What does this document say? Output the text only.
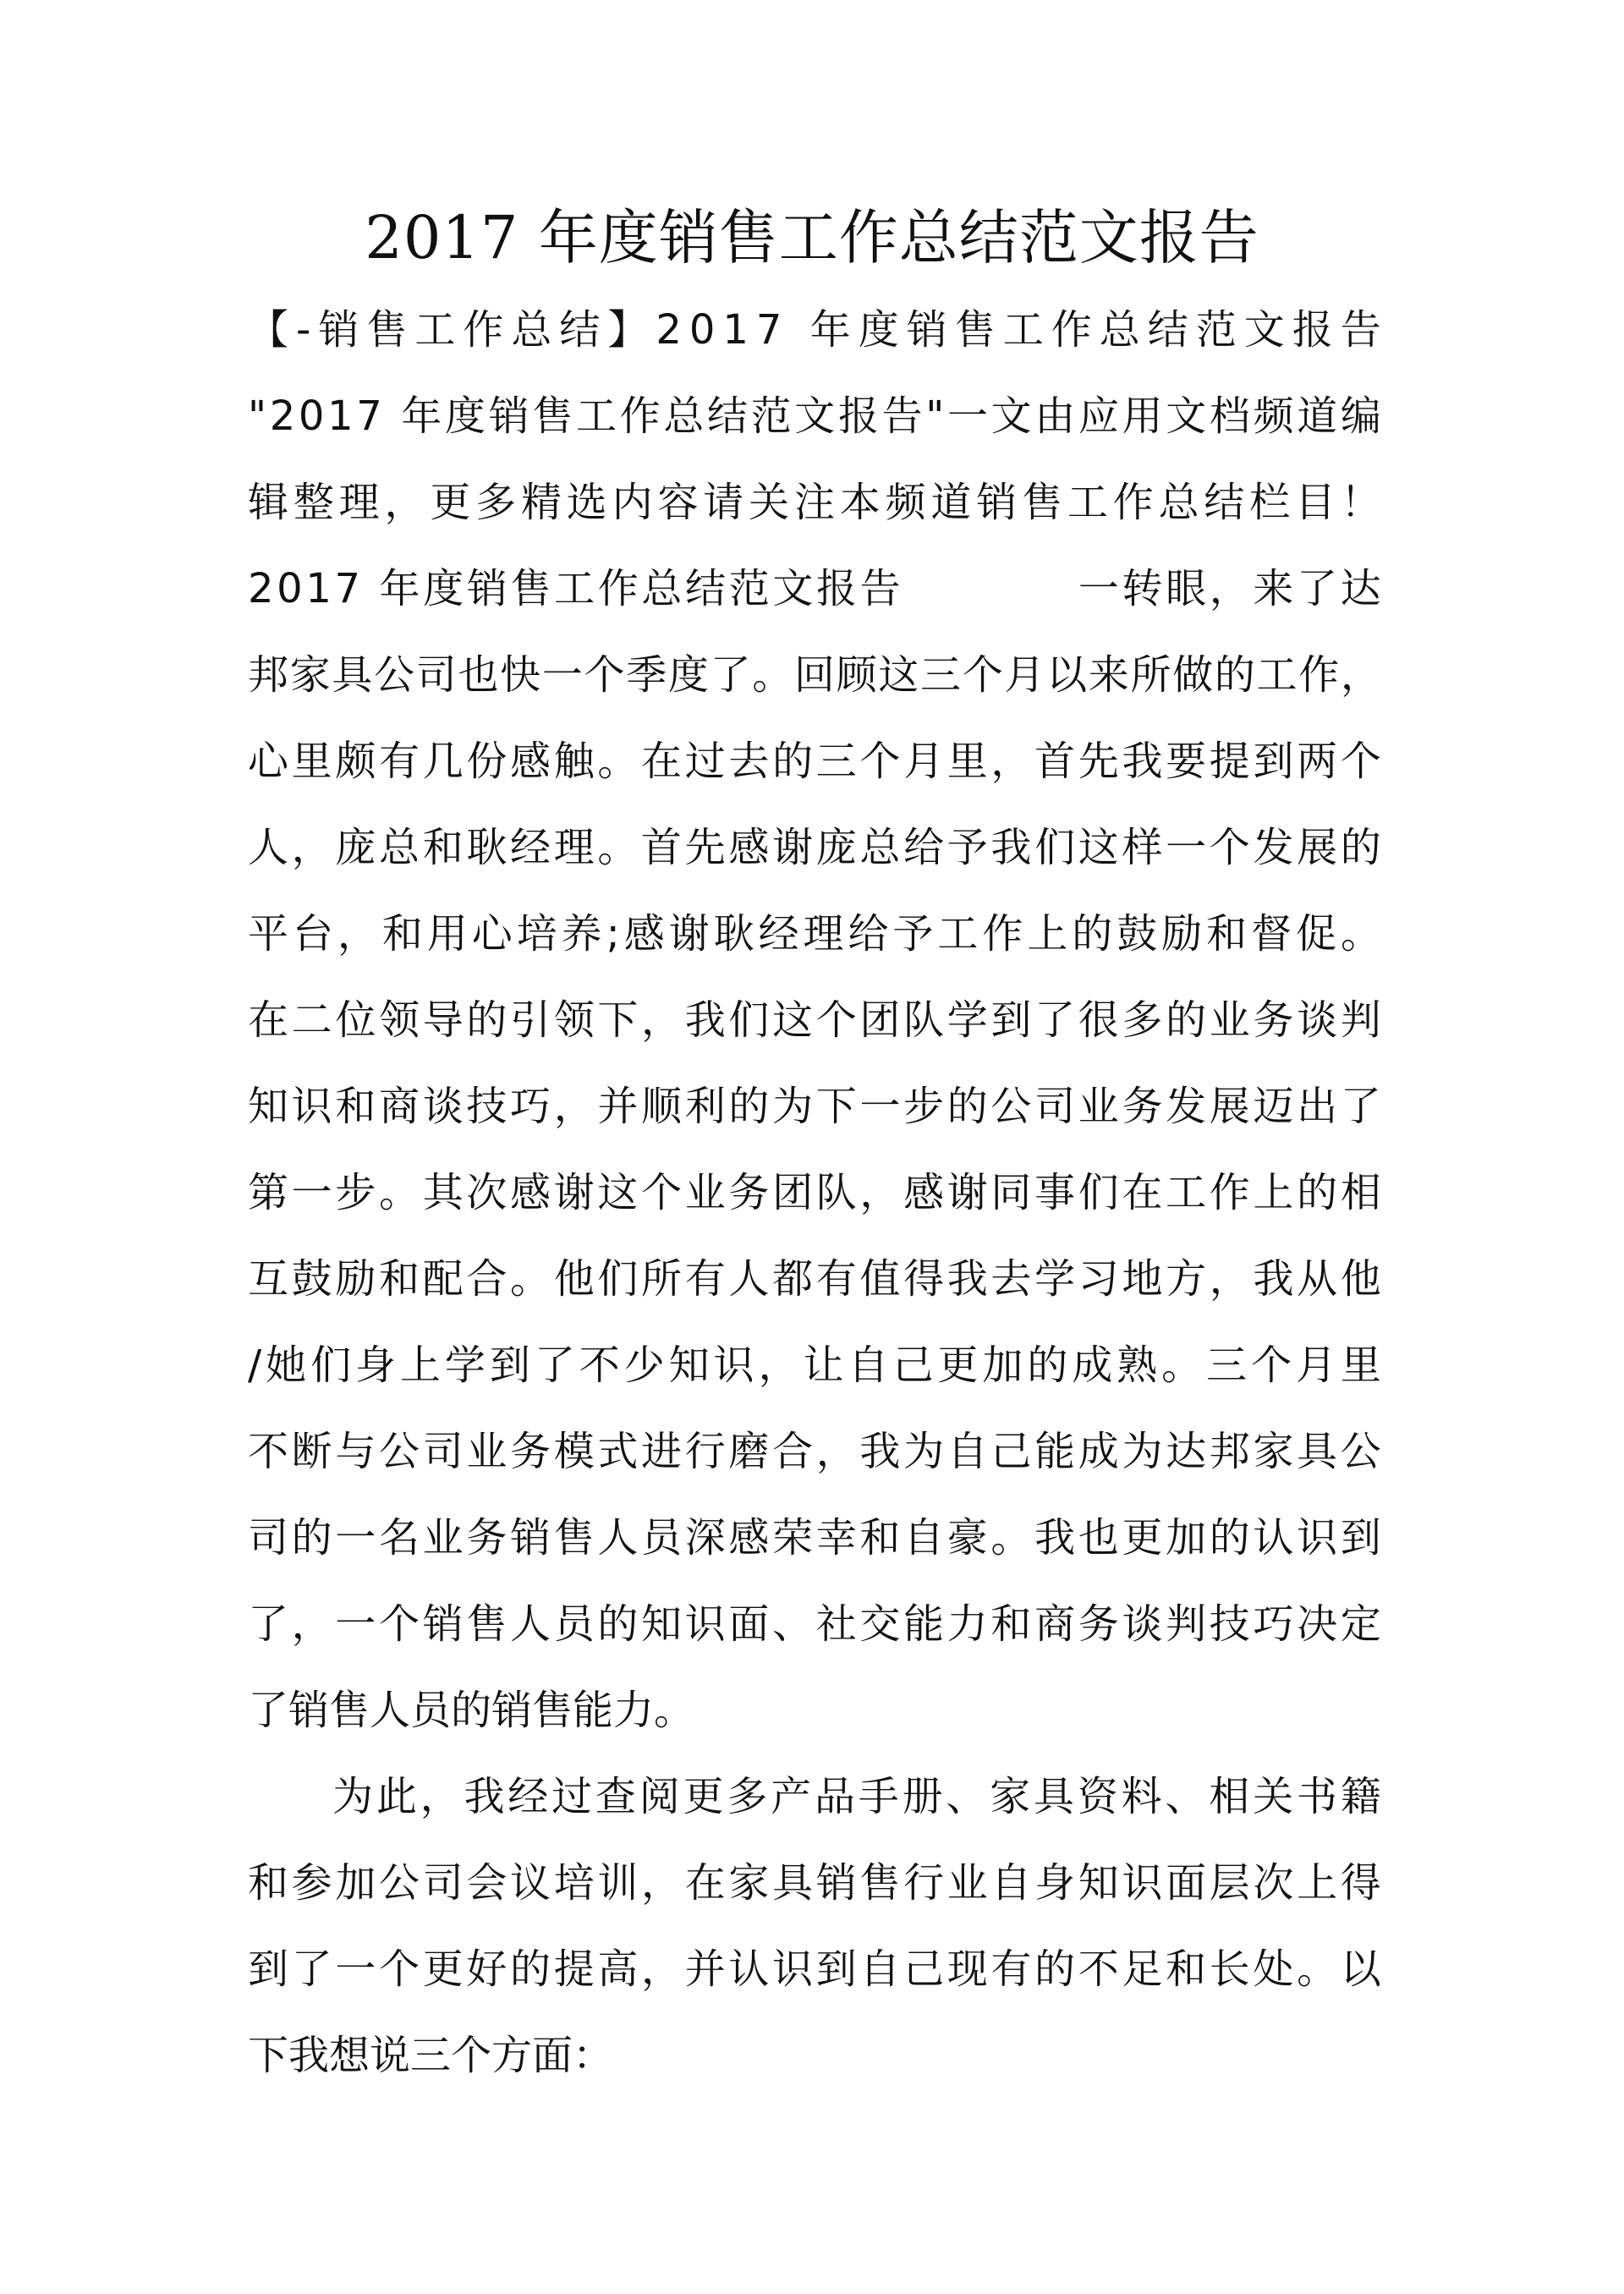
2017 年度销售工作总结范文报告
【 - 销 售 工 作 总 结 】 2 0 1 7
年 度 销 售 工 作 总 结 范 文 报 告
" 2 0 1 7
年 度 销 售 工 作 总 结 范 文 报 告 " 一 文 由 应 用 文 档 频 道 编
辑 整 理 ， 更 多 精 选 内 容 请 关 注 本 频 道 销 售 工 作 总 结 栏 目 ！
2 0 1 7
年 度 销 售 工 作 总 结 范 文 报 告

　	一 转 眼 ， 来 了 达
邦 家 具 公 司 也 快 一 个 季 度 了 。 回 顾 这 三 个 月 以 来 所 做 的 工 作 ，
心 里 颇 有 几 份 感 触 。 在 过 去 的 三 个 月 里 ， 首 先 我 要 提 到 两 个
人 ， 庞 总 和 耿 经 理 。 首 先 感 谢 庞 总 给 予 我 们 这 样 一 个 发 展 的
平 台 ， 和 用 心 培 养 ; 感 谢 耿 经 理 给 予 工 作 上 的 鼓 励 和 督 促 。
在 二 位 领 导 的 引 领 下 ， 我 们 这 个 团 队 学 到 了 很 多 的 业 务 谈 判
知 识 和 商 谈 技 巧 ， 并 顺 利 的 为 下 一 步 的 公 司 业 务 发 展 迈 出 了
第 一 步 。 其 次 感 谢 这 个 业 务 团 队 ， 感 谢 同 事 们 在 工 作 上 的 相
互 鼓 励 和 配 合 。 他 们 所 有 人 都 有 值 得 我 去 学 习 地 方 ， 我 从 他
/ 她 们 身 上 学 到 了 不 少 知 识 ， 让 自 己 更 加 的 成 熟 。 三 个 月 里
不 断 与 公 司 业 务 模 式 进 行 磨 合 ， 我 为 自 己 能 成 为 达 邦 家 具 公
司 的 一 名 业 务 销 售 人 员 深 感 荣 幸 和 自 豪 。 我 也 更 加 的 认 识 到
了 ， 一 个 销 售 人 员 的 知 识 面 、 社 交 能 力 和 商 务 谈 判 技 巧 决 定
了销售人员的销售能力。
为 此 ， 我 经 过 查 阅 更 多 产 品 手 册 、 家 具 资 料 、 相 关 书 籍
和 参 加 公 司 会 议 培 训 ， 在 家 具 销 售 行 业 自 身 知 识 面 层 次 上 得
到 了 一 个 更 好 的 提 高 ， 并 认 识 到 自 己 现 有 的 不 足 和 长 处 。 以
下我想说三个方面：
